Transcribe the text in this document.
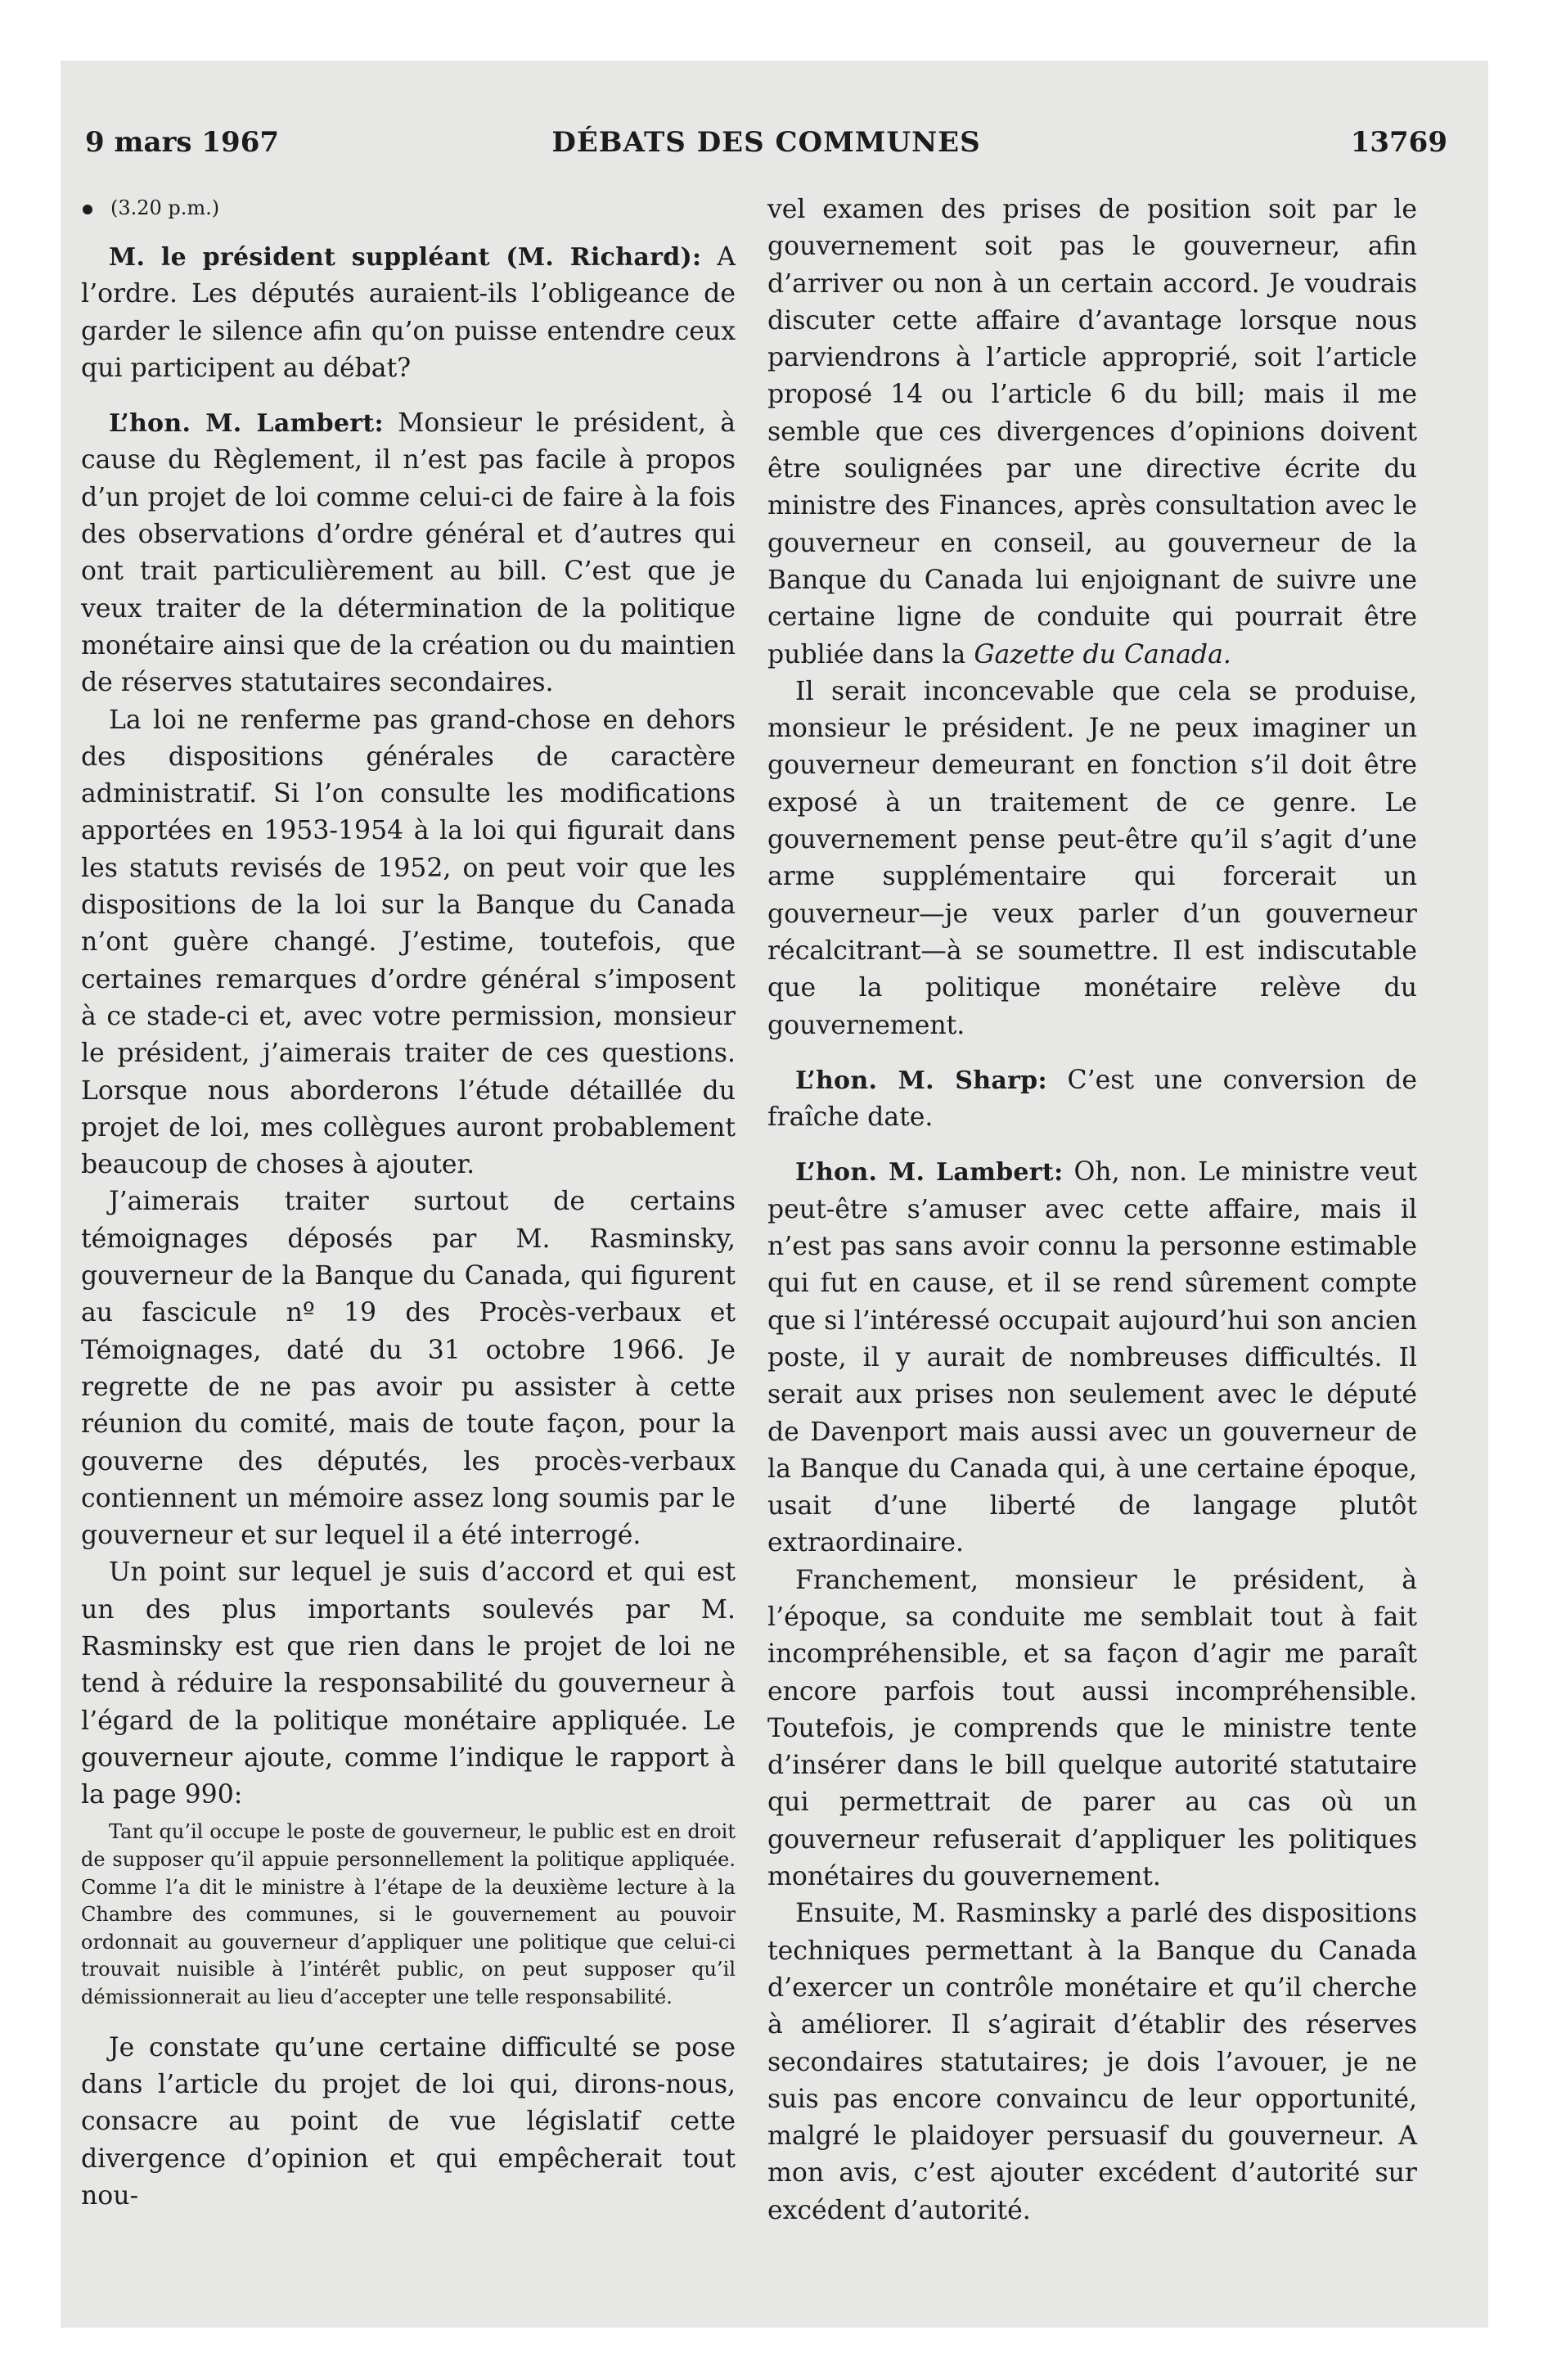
9 mars 1967	DÉBATS DES COMMUNES	13769

(3.20 p.m.)

M. le président suppléant (M. Richard): A l’ordre. Les députés auraient-ils l’obligeance de garder le silence afin qu’on puisse entendre ceux qui participent au débat?

L’hon. M. Lambert: Monsieur le président, à cause du Règlement, il n’est pas facile à propos d’un projet de loi comme celui-ci de faire à la fois des observations d’ordre général et d’autres qui ont trait particulièrement au bill. C’est que je veux traiter de la détermination de la politique monétaire ainsi que de la création ou du maintien de réserves statutaires secondaires.

La loi ne renferme pas grand-chose en dehors des dispositions générales de caractère administratif. Si l’on consulte les modifications apportées en 1953-1954 à la loi qui figurait dans les statuts revisés de 1952, on peut voir que les dispositions de la loi sur la Banque du Canada n’ont guère changé. J’estime, toutefois, que certaines remarques d’ordre général s’imposent à ce stade-ci et, avec votre permission, monsieur le président, j’aimerais traiter de ces questions. Lorsque nous aborderons l’étude détaillée du projet de loi, mes collègues auront probablement beaucoup de choses à ajouter.

J’aimerais traiter surtout de certains témoignages déposés par M. Rasminsky, gouverneur de la Banque du Canada, qui figurent au fascicule nº 19 des Procès-verbaux et Témoignages, daté du 31 octobre 1966. Je regrette de ne pas avoir pu assister à cette réunion du comité, mais de toute façon, pour la gouverne des députés, les procès-verbaux contiennent un mémoire assez long soumis par le gouverneur et sur lequel il a été interrogé.

Un point sur lequel je suis d’accord et qui est un des plus importants soulevés par M. Rasminsky est que rien dans le projet de loi ne tend à réduire la responsabilité du gouverneur à l’égard de la politique monétaire appliquée. Le gouverneur ajoute, comme l’indique le rapport à la page 990:

Tant qu’il occupe le poste de gouverneur, le public est en droit de supposer qu’il appuie personnellement la politique appliquée. Comme l’a dit le ministre à l’étape de la deuxième lecture à la Chambre des communes, si le gouvernement au pouvoir ordonnait au gouverneur d’appliquer une politique que celui-ci trouvait nuisible à l’intérêt public, on peut supposer qu’il démissionnerait au lieu d’accepter une telle responsabilité.

Je constate qu’une certaine difficulté se pose dans l’article du projet de loi qui, dirons-nous, consacre au point de vue législatif cette divergence d’opinion et qui empêcherait tout nou-

vel examen des prises de position soit par le gouvernement soit pas le gouverneur, afin d’arriver ou non à un certain accord. Je voudrais discuter cette affaire d’avantage lorsque nous parviendrons à l’article approprié, soit l’article proposé 14 ou l’article 6 du bill; mais il me semble que ces divergences d’opinions doivent être soulignées par une directive écrite du ministre des Finances, après consultation avec le gouverneur en conseil, au gouverneur de la Banque du Canada lui enjoignant de suivre une certaine ligne de conduite qui pourrait être publiée dans la Gazette du Canada.

Il serait inconcevable que cela se produise, monsieur le président. Je ne peux imaginer un gouverneur demeurant en fonction s’il doit être exposé à un traitement de ce genre. Le gouvernement pense peut-être qu’il s’agit d’une arme supplémentaire qui forcerait un gouverneur—je veux parler d’un gouverneur récalcitrant—à se soumettre. Il est indiscutable que la politique monétaire relève du gouvernement.

L’hon. M. Sharp: C’est une conversion de fraîche date.

L’hon. M. Lambert: Oh, non. Le ministre veut peut-être s’amuser avec cette affaire, mais il n’est pas sans avoir connu la personne estimable qui fut en cause, et il se rend sûrement compte que si l’intéressé occupait aujourd’hui son ancien poste, il y aurait de nombreuses difficultés. Il serait aux prises non seulement avec le député de Davenport mais aussi avec un gouverneur de la Banque du Canada qui, à une certaine époque, usait d’une liberté de langage plutôt extraordinaire.

Franchement, monsieur le président, à l’époque, sa conduite me semblait tout à fait incompréhensible, et sa façon d’agir me paraît encore parfois tout aussi incompréhensible. Toutefois, je comprends que le ministre tente d’insérer dans le bill quelque autorité statutaire qui permettrait de parer au cas où un gouverneur refuserait d’appliquer les politiques monétaires du gouvernement.

Ensuite, M. Rasminsky a parlé des dispositions techniques permettant à la Banque du Canada d’exercer un contrôle monétaire et qu’il cherche à améliorer. Il s’agirait d’établir des réserves secondaires statutaires; je dois l’avouer, je ne suis pas encore convaincu de leur opportunité, malgré le plaidoyer persuasif du gouverneur. A mon avis, c’est ajouter excédent d’autorité sur excédent d’autorité.
